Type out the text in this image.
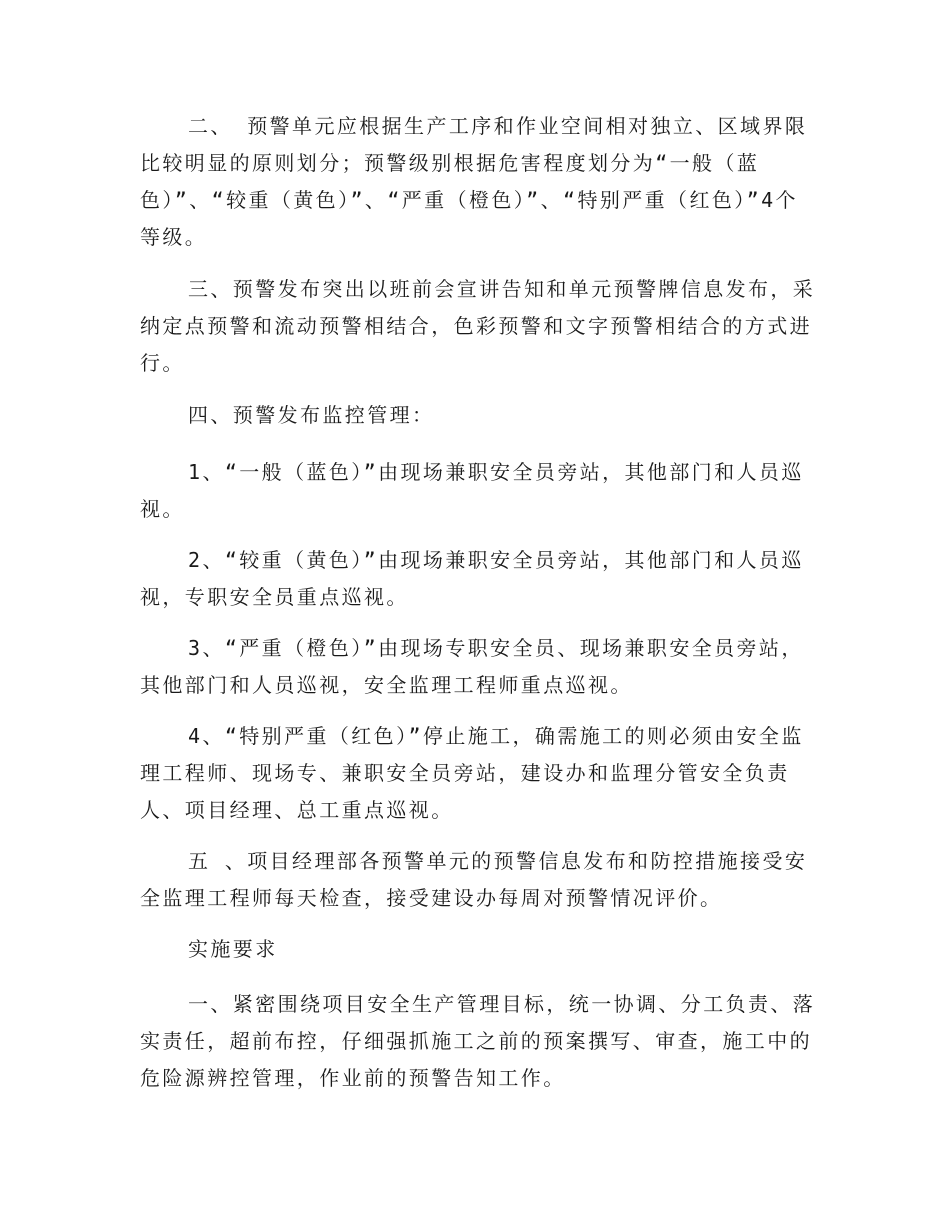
二、 预警单元应根据生产工序和作业空间相对独立、区域界限比较明显的原则划分；预警级别根据危害程度划分为“一般（蓝色）”、“较重（黄色）”、“严重（橙色）”、“特别严重（红色）”4个等级。

三、预警发布突出以班前会宣讲告知和单元预警牌信息发布，采纳定点预警和流动预警相结合，色彩预警和文字预警相结合的方式进行。

四、预警发布监控管理：

1、“一般（蓝色）”由现场兼职安全员旁站，其他部门和人员巡视。

2、“较重（黄色）”由现场兼职安全员旁站，其他部门和人员巡视，专职安全员重点巡视。

3、“严重（橙色）”由现场专职安全员、现场兼职安全员旁站，其他部门和人员巡视，安全监理工程师重点巡视。

4、“特别严重（红色）”停止施工，确需施工的则必须由安全监理工程师、现场专、兼职安全员旁站，建设办和监理分管安全负责人、项目经理、总工重点巡视。

五 、项目经理部各预警单元的预警信息发布和防控措施接受安全监理工程师每天检查，接受建设办每周对预警情况评价。

实施要求

一、紧密围绕项目安全生产管理目标，统一协调、分工负责、落实责任，超前布控，仔细强抓施工之前的预案撰写、审查，施工中的危险源辨控管理，作业前的预警告知工作。
